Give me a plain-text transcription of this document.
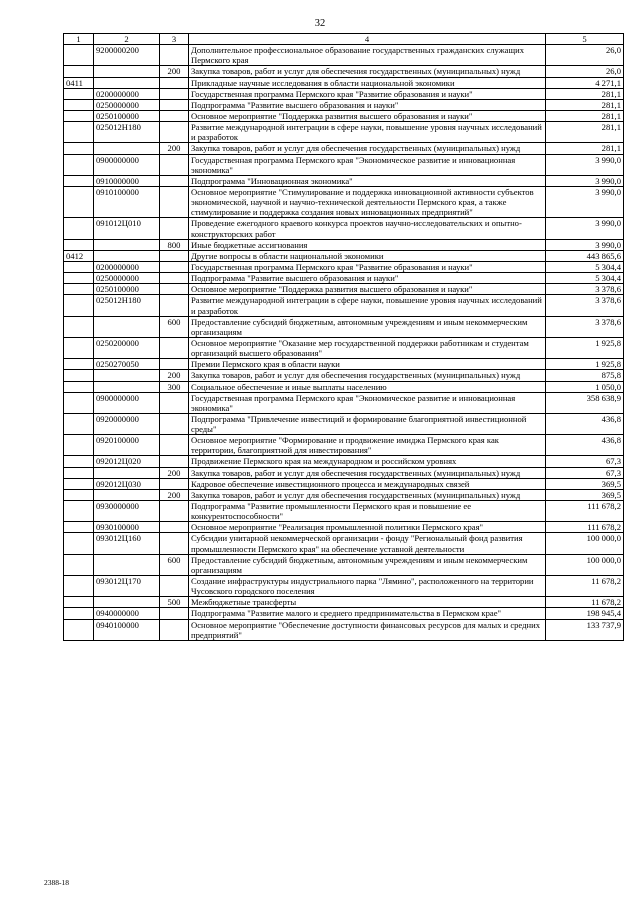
32
1	2	3	4	5
	9200000200		Дополнительное профессиональное образование государственных гражданских служащих Пермского края	26,0
		200	Закупка товаров, работ и услуг для обеспечения государственных (муниципальных) нужд	26,0
0411			Прикладные научные исследования в области национальной экономики	4 271,1
	0200000000		Государственная программа Пермского края "Развитие образования и науки"	281,1
	0250000000		Подпрограмма "Развитие высшего образования и науки"	281,1
	0250100000		Основное мероприятие "Поддержка развития высшего образования и науки"	281,1
	025012Н180		Развитие международной интеграции в сфере науки, повышение уровня научных исследований и разработок	281,1
		200	Закупка товаров, работ и услуг для обеспечения государственных (муниципальных) нужд	281,1
	0900000000		Государственная программа Пермского края "Экономическое развитие и инновационная экономика"	3 990,0
	0910000000		Подпрограмма "Инновационная экономика"	3 990,0
	0910100000		Основное мероприятие "Стимулирование и поддержка инновационной активности субъектов экономической, научной и научно-технической деятельности Пермского края, а также стимулирование и поддержка создания новых инновационных предприятий"	3 990,0
	091012Ц010		Проведение ежегодного краевого конкурса проектов научно-исследовательских и опытно-конструкторских работ	3 990,0
		800	Иные бюджетные ассигнования	3 990,0
0412			Другие вопросы в области национальной экономики	443 865,6
	0200000000		Государственная программа Пермского края "Развитие образования и науки"	5 304,4
	0250000000		Подпрограмма "Развитие высшего образования и науки"	5 304,4
	0250100000		Основное мероприятие "Поддержка развития высшего образования и науки"	3 378,6
	025012Н180		Развитие международной интеграции в сфере науки, повышение уровня научных исследований и разработок	3 378,6
		600	Предоставление субсидий бюджетным, автономным учреждениям и иным некоммерческим организациям	3 378,6
	0250200000		Основное мероприятие "Оказание мер государственной поддержки работникам и студентам организаций высшего образования"	1 925,8
	0250270050		Премии Пермского края в области науки	1 925,8
		200	Закупка товаров, работ и услуг для обеспечения государственных (муниципальных) нужд	875,8
		300	Социальное обеспечение и иные выплаты населению	1 050,0
	0900000000		Государственная программа Пермского края "Экономическое развитие и инновационная экономика"	358 638,9
	0920000000		Подпрограмма "Привлечение инвестиций и формирование благоприятной инвестиционной среды"	436,8
	0920100000		Основное мероприятие "Формирование и продвижение имиджа Пермского края как территории, благоприятной для инвестирования"	436,8
	092012Ц020		Продвижение Пермского края на международном и российском уровнях	67,3
		200	Закупка товаров, работ и услуг для обеспечения государственных (муниципальных) нужд	67,3
	092012Ц030		Кадровое обеспечение инвестиционного процесса и международных связей	369,5
		200	Закупка товаров, работ и услуг для обеспечения государственных (муниципальных) нужд	369,5
	0930000000		Подпрограмма "Развитие промышленности Пермского края и повышение ее конкурентоспособности"	111 678,2
	0930100000		Основное мероприятие "Реализация промышленной политики Пермского края"	111 678,2
	093012Ц160		Субсидии унитарной некоммерческой организации - фонду "Региональный фонд развития промышленности Пермского края" на обеспечение уставной деятельности	100 000,0
		600	Предоставление субсидий бюджетным, автономным учреждениям и иным некоммерческим организациям	100 000,0
	093012Ц170		Создание инфраструктуры индустриального парка "Лямино", расположенного на территории Чусовского городского поселения	11 678,2
		500	Межбюджетные трансферты	11 678,2
	0940000000		Подпрограмма "Развитие малого и среднего предпринимательства в Пермском крае"	198 945,4
	0940100000		Основное мероприятие "Обеспечение доступности финансовых ресурсов для малых и средних предприятий"	133 737,9
2388-18
